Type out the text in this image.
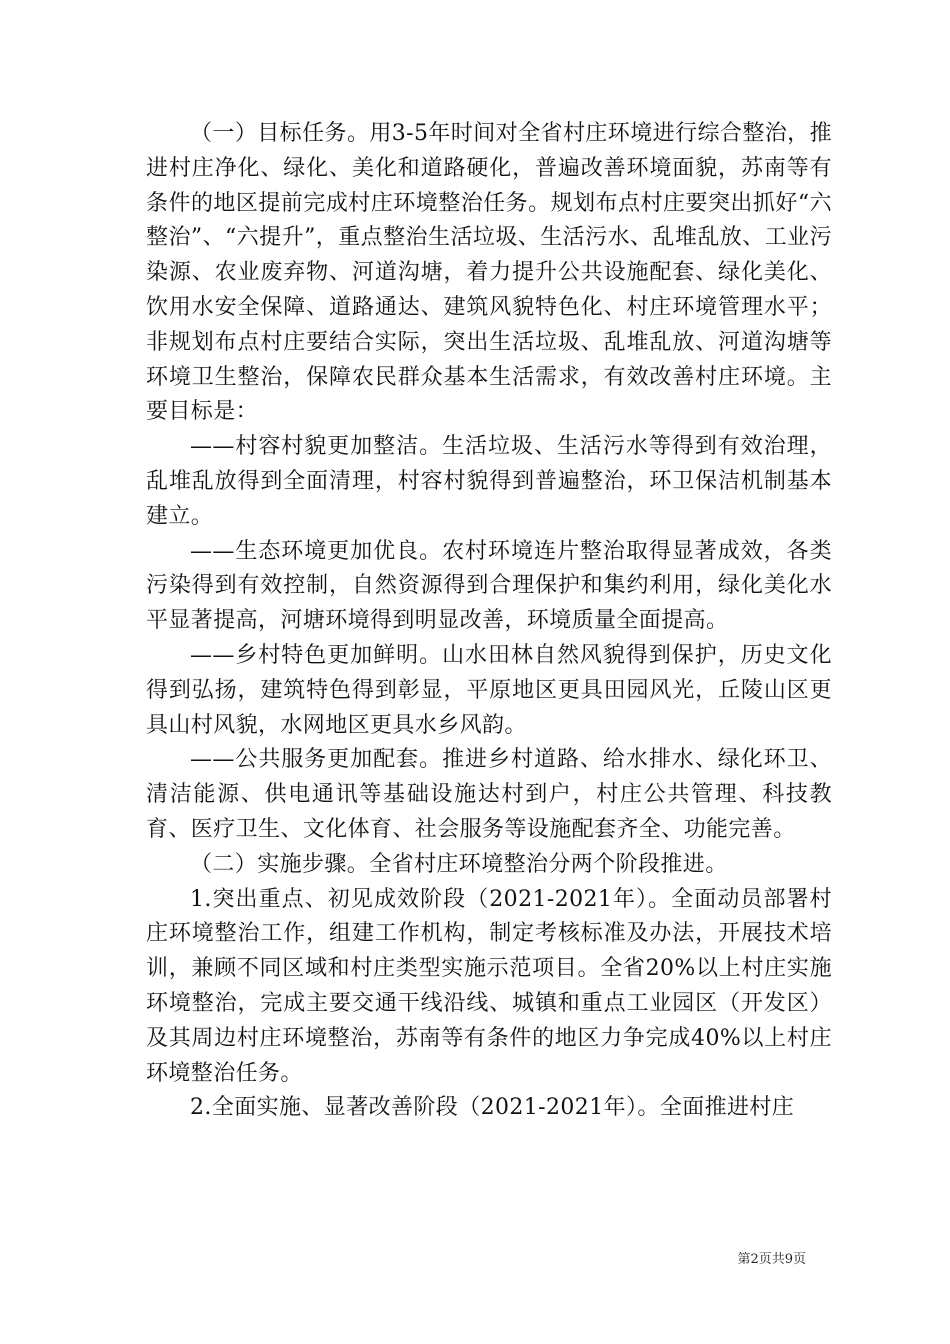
（一）目标任务。用3-5年时间对全省村庄环境进行综合整治，推进村庄净化、绿化、美化和道路硬化，普遍改善环境面貌，苏南等有条件的地区提前完成村庄环境整治任务。规划布点村庄要突出抓好“六整治”、“六提升”，重点整治生活垃圾、生活污水、乱堆乱放、工业污染源、农业废弃物、河道沟塘，着力提升公共设施配套、绿化美化、饮用水安全保障、道路通达、建筑风貌特色化、村庄环境管理水平；非规划布点村庄要结合实际，突出生活垃圾、乱堆乱放、河道沟塘等环境卫生整治，保障农民群众基本生活需求，有效改善村庄环境。主要目标是：

——村容村貌更加整洁。生活垃圾、生活污水等得到有效治理，乱堆乱放得到全面清理，村容村貌得到普遍整治，环卫保洁机制基本建立。

——生态环境更加优良。农村环境连片整治取得显著成效，各类污染得到有效控制，自然资源得到合理保护和集约利用，绿化美化水平显著提高，河塘环境得到明显改善，环境质量全面提高。

——乡村特色更加鲜明。山水田林自然风貌得到保护，历史文化得到弘扬，建筑特色得到彰显，平原地区更具田园风光，丘陵山区更具山村风貌，水网地区更具水乡风韵。

——公共服务更加配套。推进乡村道路、给水排水、绿化环卫、清洁能源、供电通讯等基础设施达村到户，村庄公共管理、科技教育、医疗卫生、文化体育、社会服务等设施配套齐全、功能完善。

（二）实施步骤。全省村庄环境整治分两个阶段推进。

1.突出重点、初见成效阶段（2021-2021年）。全面动员部署村庄环境整治工作，组建工作机构，制定考核标准及办法，开展技术培训，兼顾不同区域和村庄类型实施示范项目。全省20%以上村庄实施环境整治，完成主要交通干线沿线、城镇和重点工业园区（开发区）及其周边村庄环境整治，苏南等有条件的地区力争完成40%以上村庄环境整治任务。

2.全面实施、显著改善阶段（2021-2021年）。全面推进村庄

第2页共9页
